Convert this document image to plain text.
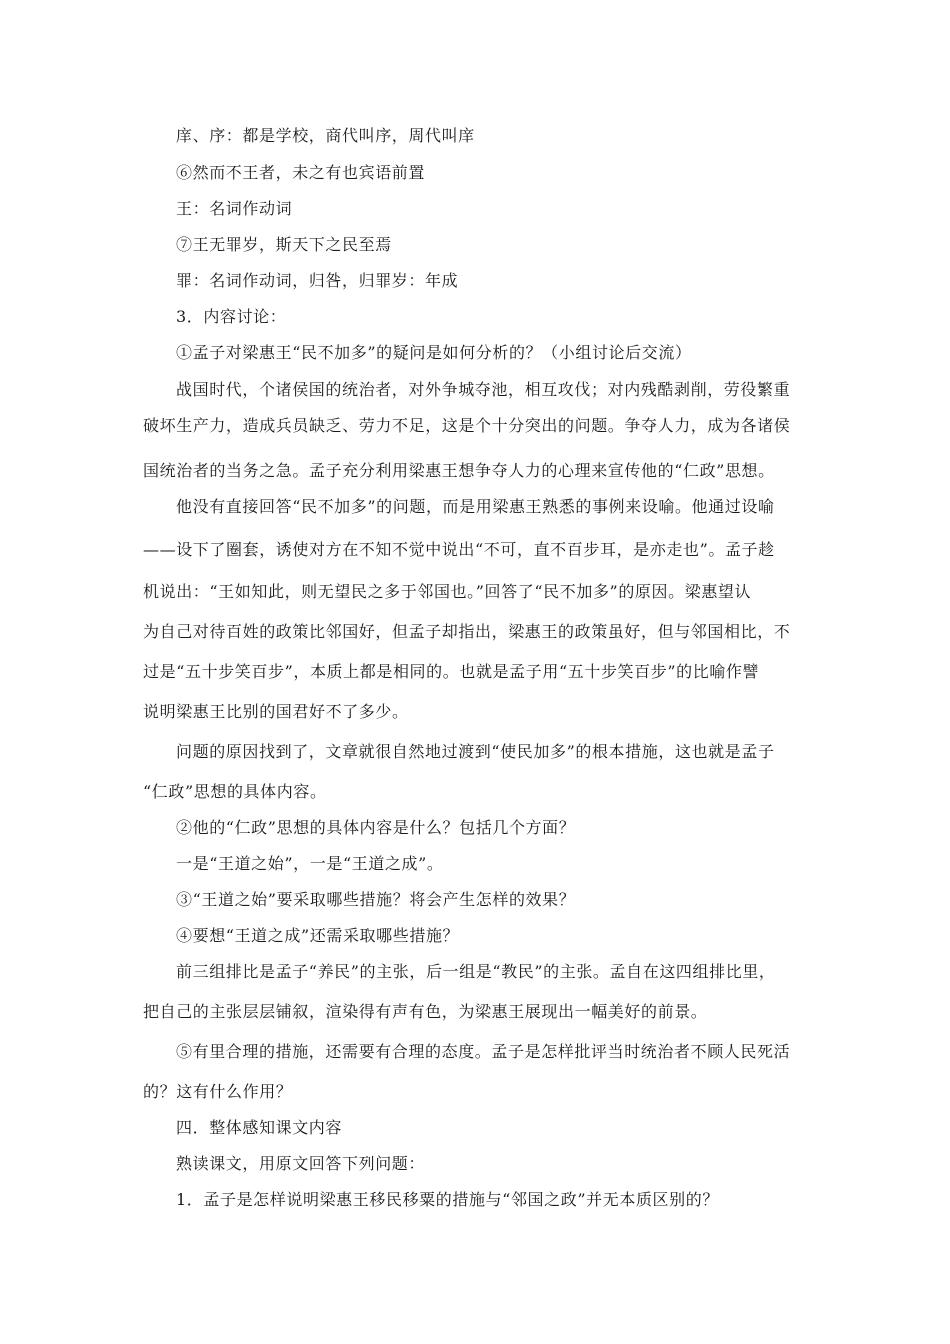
庠、序：都是学校，商代叫序，周代叫庠
⑥然而不王者，未之有也宾语前置
王：名词作动词
⑦王无罪岁，斯天下之民至焉
罪：名词作动词，归咎，归罪岁：年成
3．内容讨论：
①孟子对梁惠王“民不加多”的疑问是如何分析的？（小组讨论后交流）
战国时代，个诸侯国的统治者，对外争城夺池，相互攻伐；对内残酷剥削，劳役繁重
破坏生产力，造成兵员缺乏、劳力不足，这是个十分突出的问题。争夺人力，成为各诸侯
国统治者的当务之急。孟子充分利用梁惠王想争夺人力的心理来宣传他的“仁政”思想。
他没有直接回答“民不加多”的问题，而是用梁惠王熟悉的事例来设喻。他通过设喻
——设下了圈套，诱使对方在不知不觉中说出“不可，直不百步耳，是亦走也”。孟子趁
机说出：“王如知此，则无望民之多于邻国也。”回答了“民不加多”的原因。梁惠望认
为自己对待百姓的政策比邻国好，但孟子却指出，梁惠王的政策虽好，但与邻国相比，不
过是“五十步笑百步”，本质上都是相同的。也就是孟子用“五十步笑百步”的比喻作譬
说明梁惠王比别的国君好不了多少。
问题的原因找到了，文章就很自然地过渡到“使民加多”的根本措施，这也就是孟子
“仁政”思想的具体内容。
②他的“仁政”思想的具体内容是什么？包括几个方面？
一是“王道之始”，一是“王道之成”。
③“王道之始”要采取哪些措施？将会产生怎样的效果？
④要想“王道之成”还需采取哪些措施？
前三组排比是孟子“养民”的主张，后一组是“教民”的主张。孟自在这四组排比里，
把自己的主张层层铺叙，渲染得有声有色，为梁惠王展现出一幅美好的前景。
⑤有里合理的措施，还需要有合理的态度。孟子是怎样批评当时统治者不顾人民死活
的？这有什么作用？
四．整体感知课文内容
熟读课文，用原文回答下列问题：
1．孟子是怎样说明梁惠王移民移粟的措施与“邻国之政”并无本质区别的？
